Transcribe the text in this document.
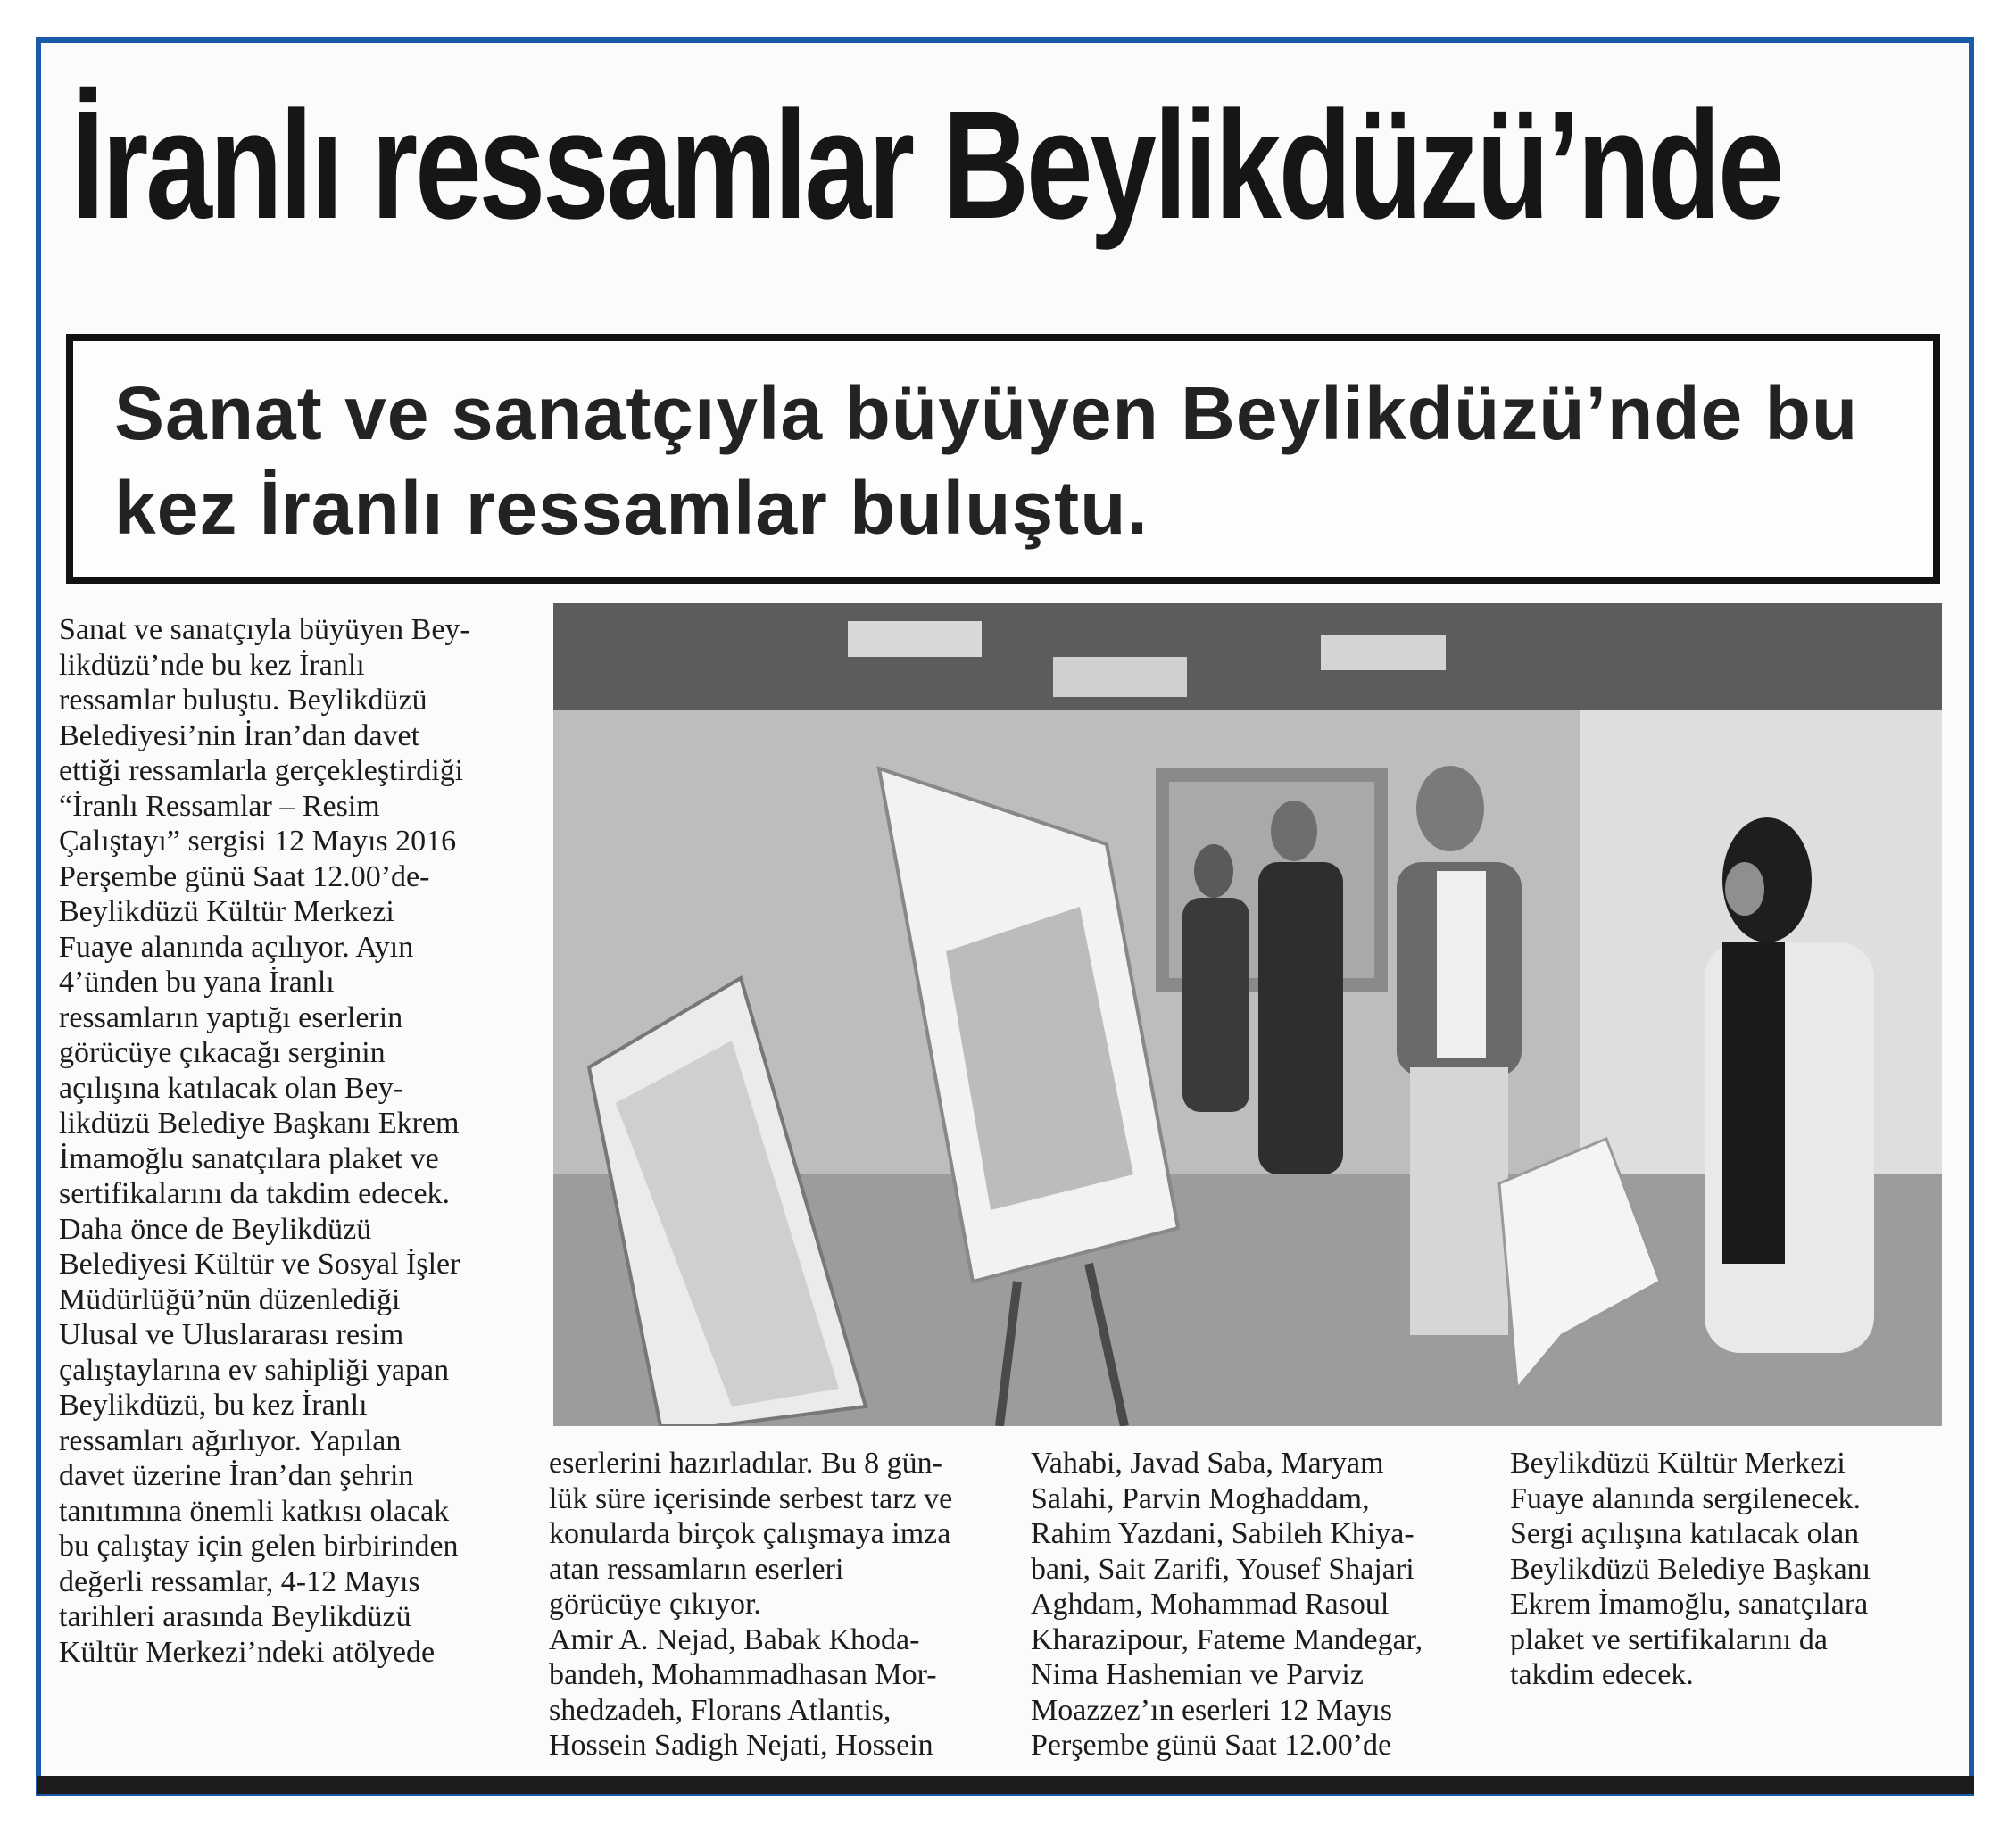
İranlı ressamlar Beylikdüzü’nde
Sanat ve sanatçıyla büyüyen Beylikdüzü’nde bu kez İranlı ressamlar buluştu.
Sanat ve sanatçıyla büyüyen Bey-
likdüzü’nde bu kez İranlı
ressamlar buluştu. Beylikdüzü
Belediyesi’nin İran’dan davet
ettiği ressamlarla gerçekleştirdiği
“İranlı Ressamlar – Resim
Çalıştayı” sergisi 12 Mayıs 2016
Perşembe günü Saat 12.00’de-
Beylikdüzü Kültür Merkezi
Fuaye alanında açılıyor. Ayın
4’ünden bu yana İranlı
ressamların yaptığı eserlerin
görücüye çıkacağı serginin
açılışına katılacak olan Bey-
likdüzü Belediye Başkanı Ekrem
İmamoğlu sanatçılara plaket ve
sertifikalarını da takdim edecek.
Daha önce de Beylikdüzü
Belediyesi Kültür ve Sosyal İşler
Müdürlüğü’nün düzenlediği
Ulusal ve Uluslararası resim
çalıştaylarına ev sahipliği yapan
Beylikdüzü, bu kez İranlı
ressamları ağırlıyor. Yapılan
davet üzerine İran’dan şehrin
tanıtımına önemli katkısı olacak
bu çalıştay için gelen birbirinden
değerli ressamlar, 4-12 Mayıs
tarihleri arasında Beylikdüzü
Kültür Merkezi’ndeki atölyede
eserlerini hazırladılar. Bu 8 gün-
lük süre içerisinde serbest tarz ve
konularda birçok çalışmaya imza
atan ressamların eserleri
görücüye çıkıyor.
Amir A. Nejad, Babak Khoda-
bandeh, Mohammadhasan Mor-
shedzadeh, Florans Atlantis,
Hossein Sadigh Nejati, Hossein
Vahabi, Javad Saba, Maryam
Salahi, Parvin Moghaddam,
Rahim Yazdani, Sabileh Khiya-
bani, Sait Zarifi, Yousef Shajari
Aghdam, Mohammad Rasoul
Kharazipour, Fateme Mandegar,
Nima Hashemian ve Parviz
Moazzez’ın eserleri 12 Mayıs
Perşembe günü Saat 12.00’de
Beylikdüzü Kültür Merkezi
Fuaye alanında sergilenecek.
Sergi açılışına katılacak olan
Beylikdüzü Belediye Başkanı
Ekrem İmamoğlu, sanatçılara
plaket ve sertifikalarını da
takdim edecek.
